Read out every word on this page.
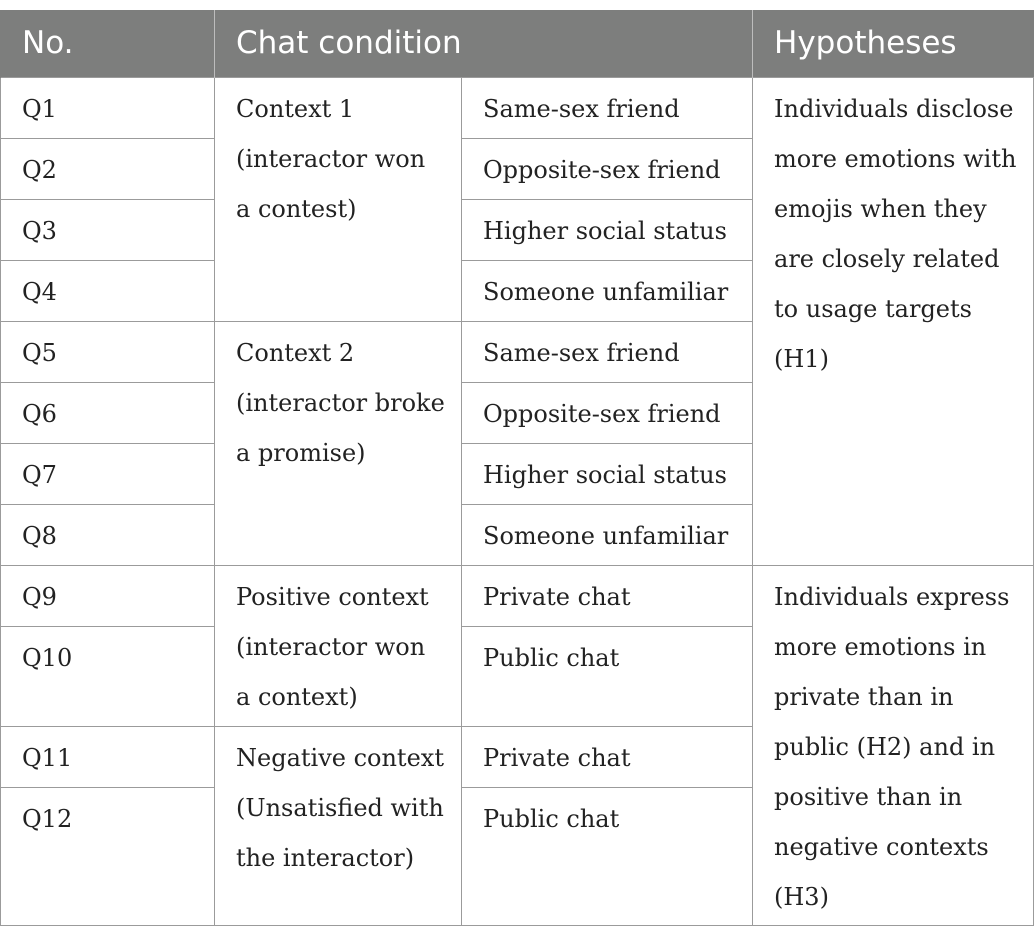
No.	Chat condition		Hypotheses
Q1	Context 1 (interactor won a contest)	Same-sex friend	Individuals disclose more emotions with emojis when they are closely related to usage targets (H1)
Q2		Opposite-sex friend	
Q3		Higher social status	
Q4		Someone unfamiliar	
Q5	Context 2 (interactor broke a promise)	Same-sex friend	
Q6		Opposite-sex friend	
Q7		Higher social status	
Q8		Someone unfamiliar	
Q9	Positive context (interactor won a context)	Private chat	Individuals express more emotions in private than in public (H2) and in positive than in negative contexts (H3)
Q10		Public chat	
Q11	Negative context (Unsatisfied with the interactor)	Private chat	
Q12		Public chat	
